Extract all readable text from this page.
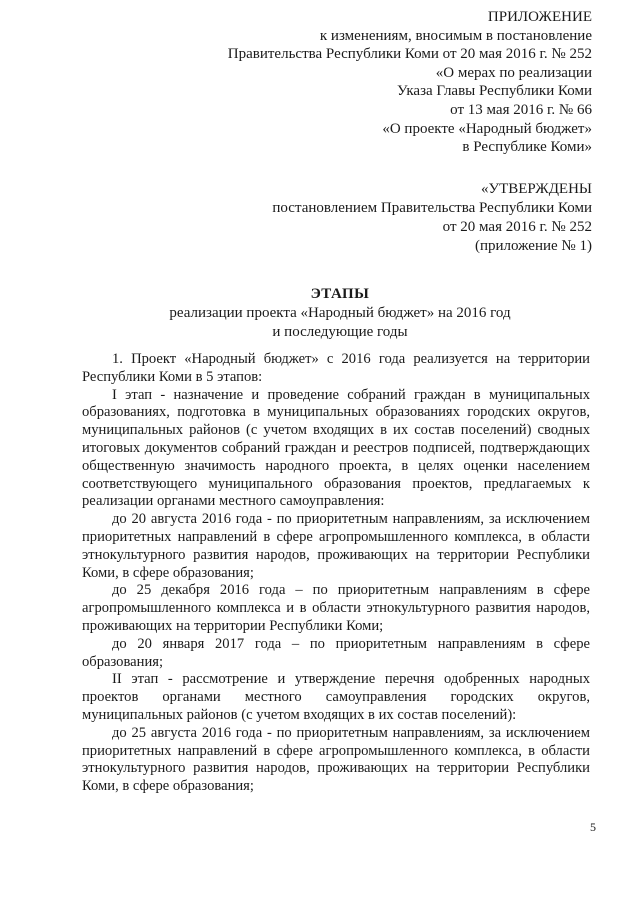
ПРИЛОЖЕНИЕ
к изменениям, вносимым в постановление
Правительства Республики Коми от 20 мая 2016 г. № 252
«О мерах по реализации
Указа Главы Республики Коми
от 13 мая 2016 г. № 66
«О проекте «Народный бюджет»
в Республике Коми»
«УТВЕРЖДЕНЫ
постановлением Правительства Республики Коми
от 20 мая 2016 г. № 252
(приложение № 1)
ЭТАПЫ
реализации проекта «Народный бюджет» на 2016 год
и последующие годы

1. Проект «Народный бюджет» с 2016 года реализуется на территории Республики Коми в 5 этапов:

I этап - назначение и проведение собраний граждан в муниципальных образованиях, подготовка в муниципальных образованиях городских округов, муниципальных районов (с учетом входящих в их состав поселений) сводных итоговых документов собраний граждан и реестров подписей, подтверждающих общественную значимость народного проекта, в целях оценки населением соответствующего муниципального образования проектов, предлагаемых к реализации органами местного самоуправления:

до 20 августа 2016 года - по приоритетным направлениям, за исключением приоритетных направлений в сфере агропромышленного комплекса, в области этнокультурного развития народов, проживающих на территории Республики Коми, в сфере образования;

до 25 декабря 2016 года – по приоритетным направлениям в сфере агропромышленного комплекса и в области этнокультурного развития народов, проживающих на территории Республики Коми;

до 20 января 2017 года – по приоритетным направлениям в сфере образования;

II этап - рассмотрение и утверждение перечня одобренных народных проектов органами местного самоуправления городских округов, муниципальных районов (с учетом входящих в их состав поселений):

до 25 августа 2016 года - по приоритетным направлениям, за исключением приоритетных направлений в сфере агропромышленного комплекса, в области этнокультурного развития народов, проживающих на территории Республики Коми, в сфере образования;

5
